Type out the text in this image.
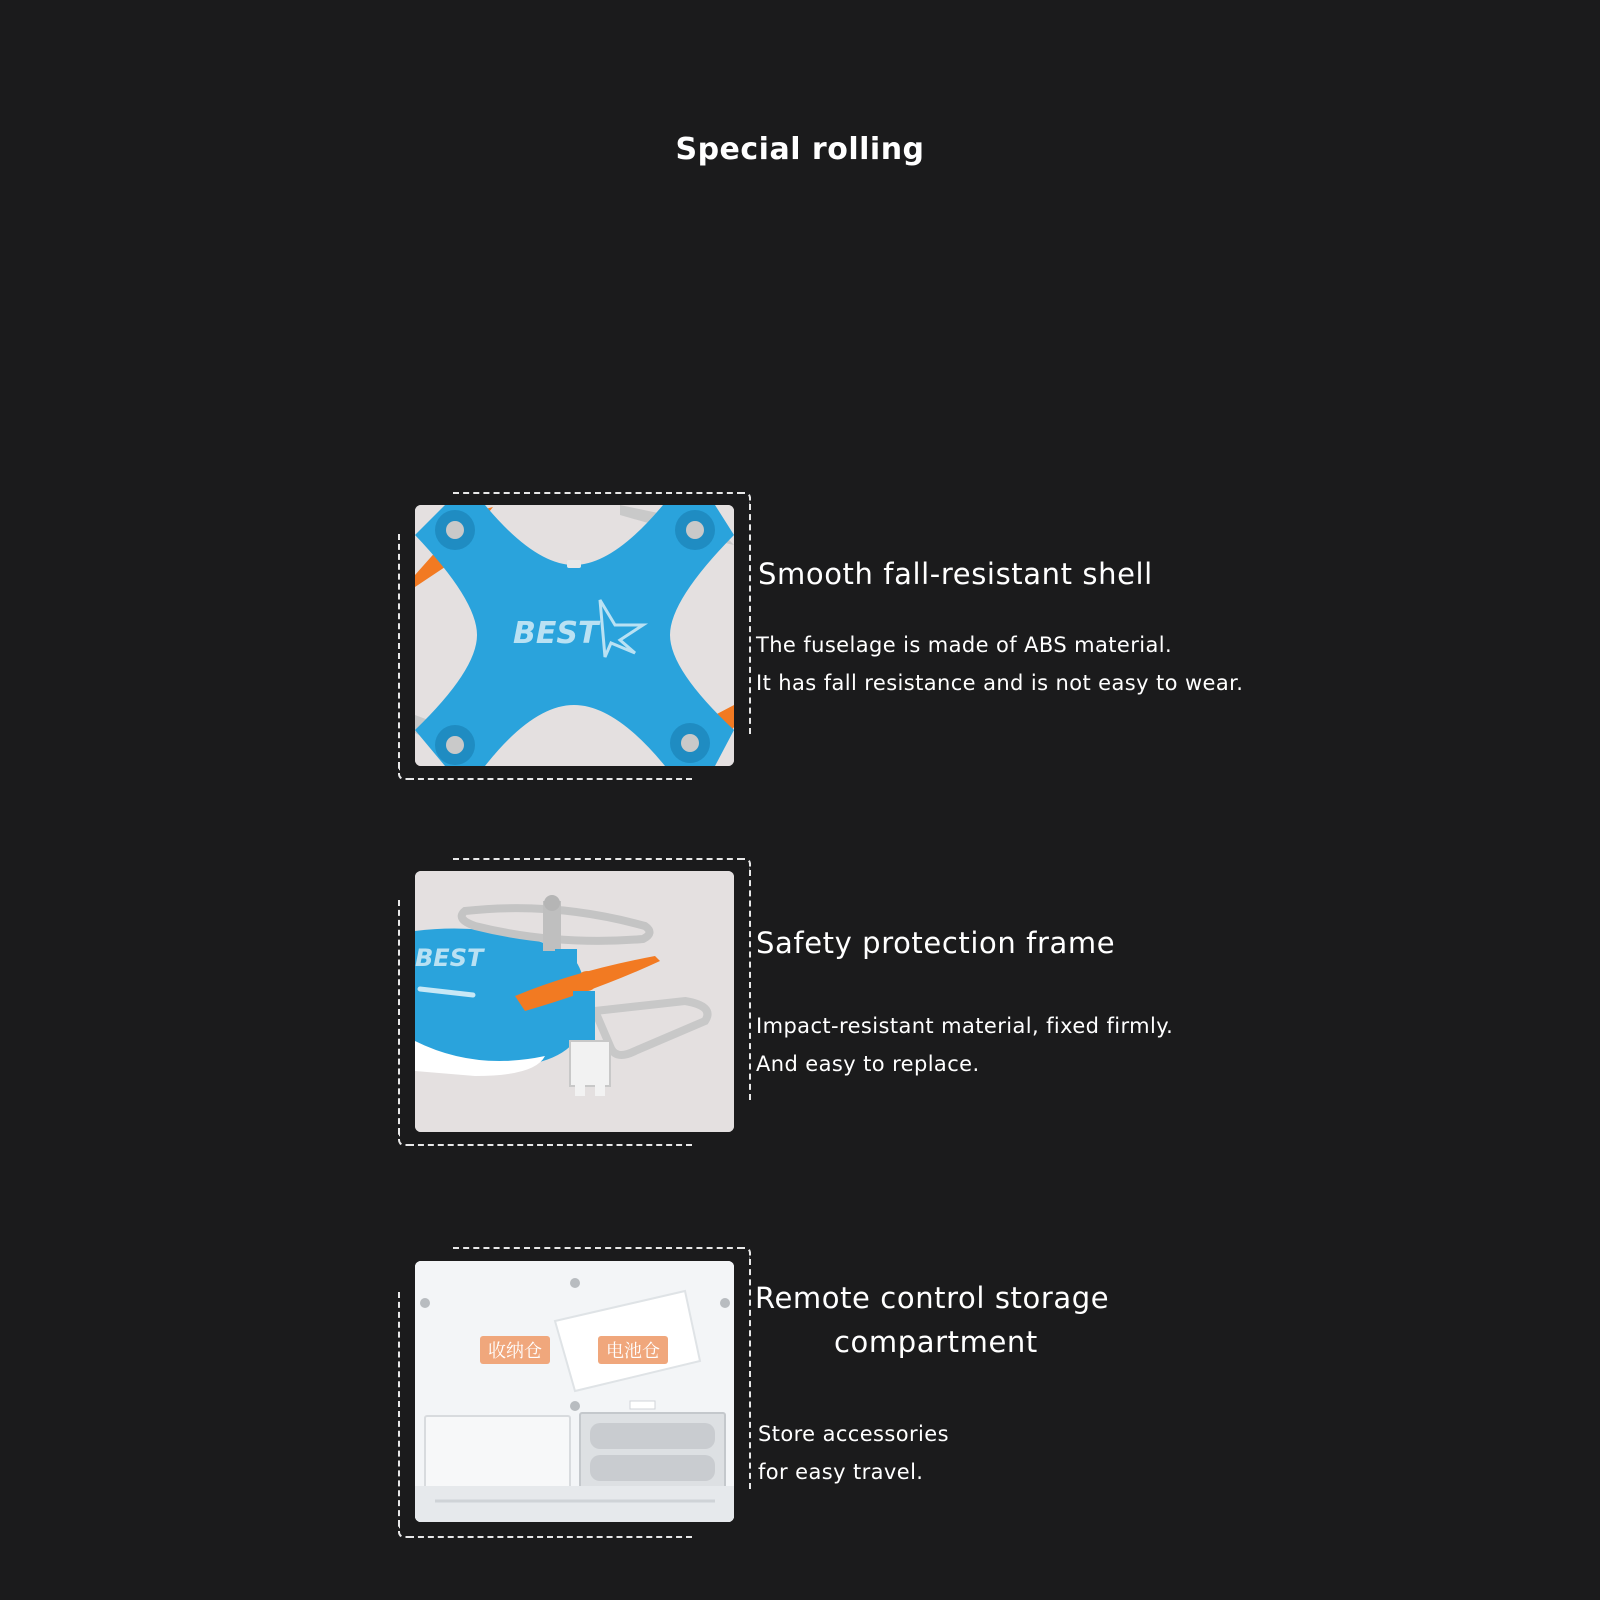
Special rolling
BEST
Smooth fall-resistant shell
The fuselage is made of ABS material.
It has fall resistance and is not easy to wear.
BEST	Safety protection frame
Impact-resistant material, fixed firmly.
And easy to replace.
收纳仓	电池仓
Remote control storage
compartment
Store accessories
for easy travel.
